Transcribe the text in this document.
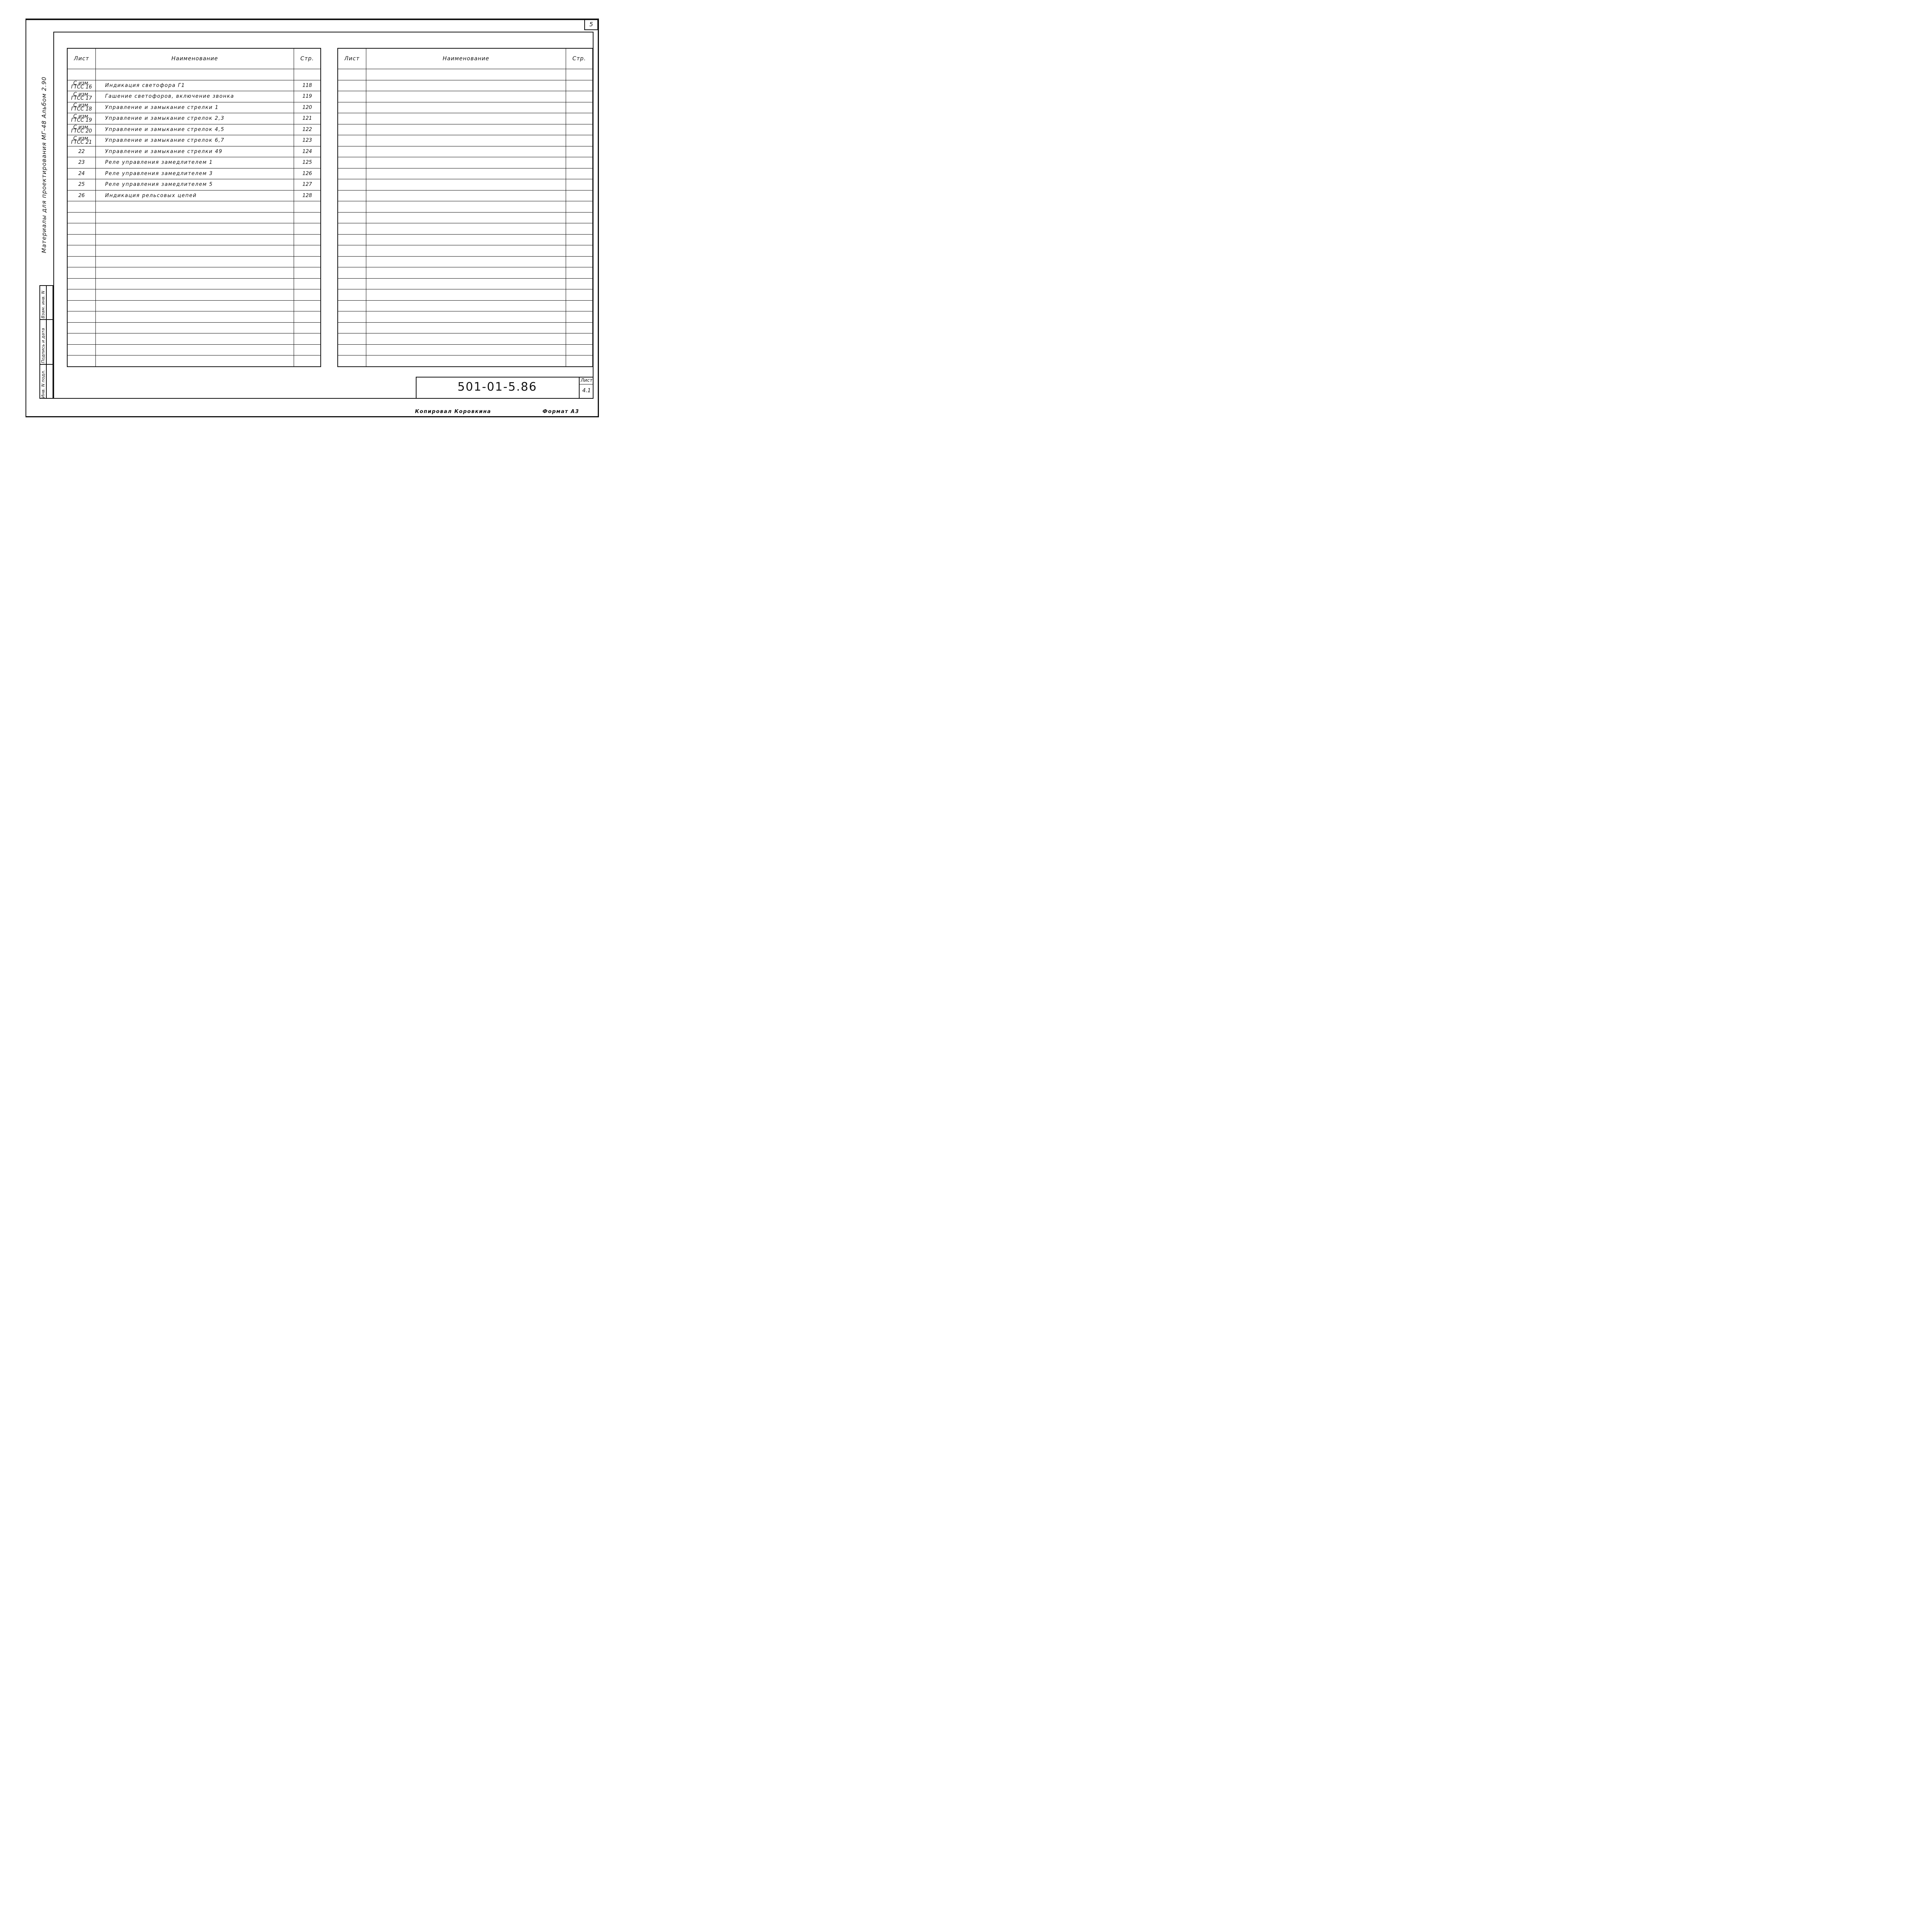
5
Материалы для проектирования МГ-48 Альбом 2.90
Инв. N подл.
Подпись и дата
Взам. инв. N
Лист	Наименование	Стр.

С изм. ГТСС 16	Индикация светофора Г1	118
С изм. ГТСС 17	Гашение светофоров, включение звонка	119
С изм. ГТСС 18	Управление и замыкание стрелки 1	120
С изм. ГТСС 19	Управление и замыкание стрелок 2,3	121
С изм. ГТСС 20	Управление и замыкание стрелок 4,5	122
С изм. ГТСС 21	Управление и замыкание стрелок 6,7	123
22	Управление и замыкание стрелки 49	124
23	Реле управления замедлителем 1	125
24	Реле управления замедлителем 3	126
25	Реле управления замедлителем 5	127
26	Индикация рельсовых цепей	128

Лист	Наименование	Стр.

501-01-5.86	Лист
4.1
Копировал Коровкина	Формат А3
